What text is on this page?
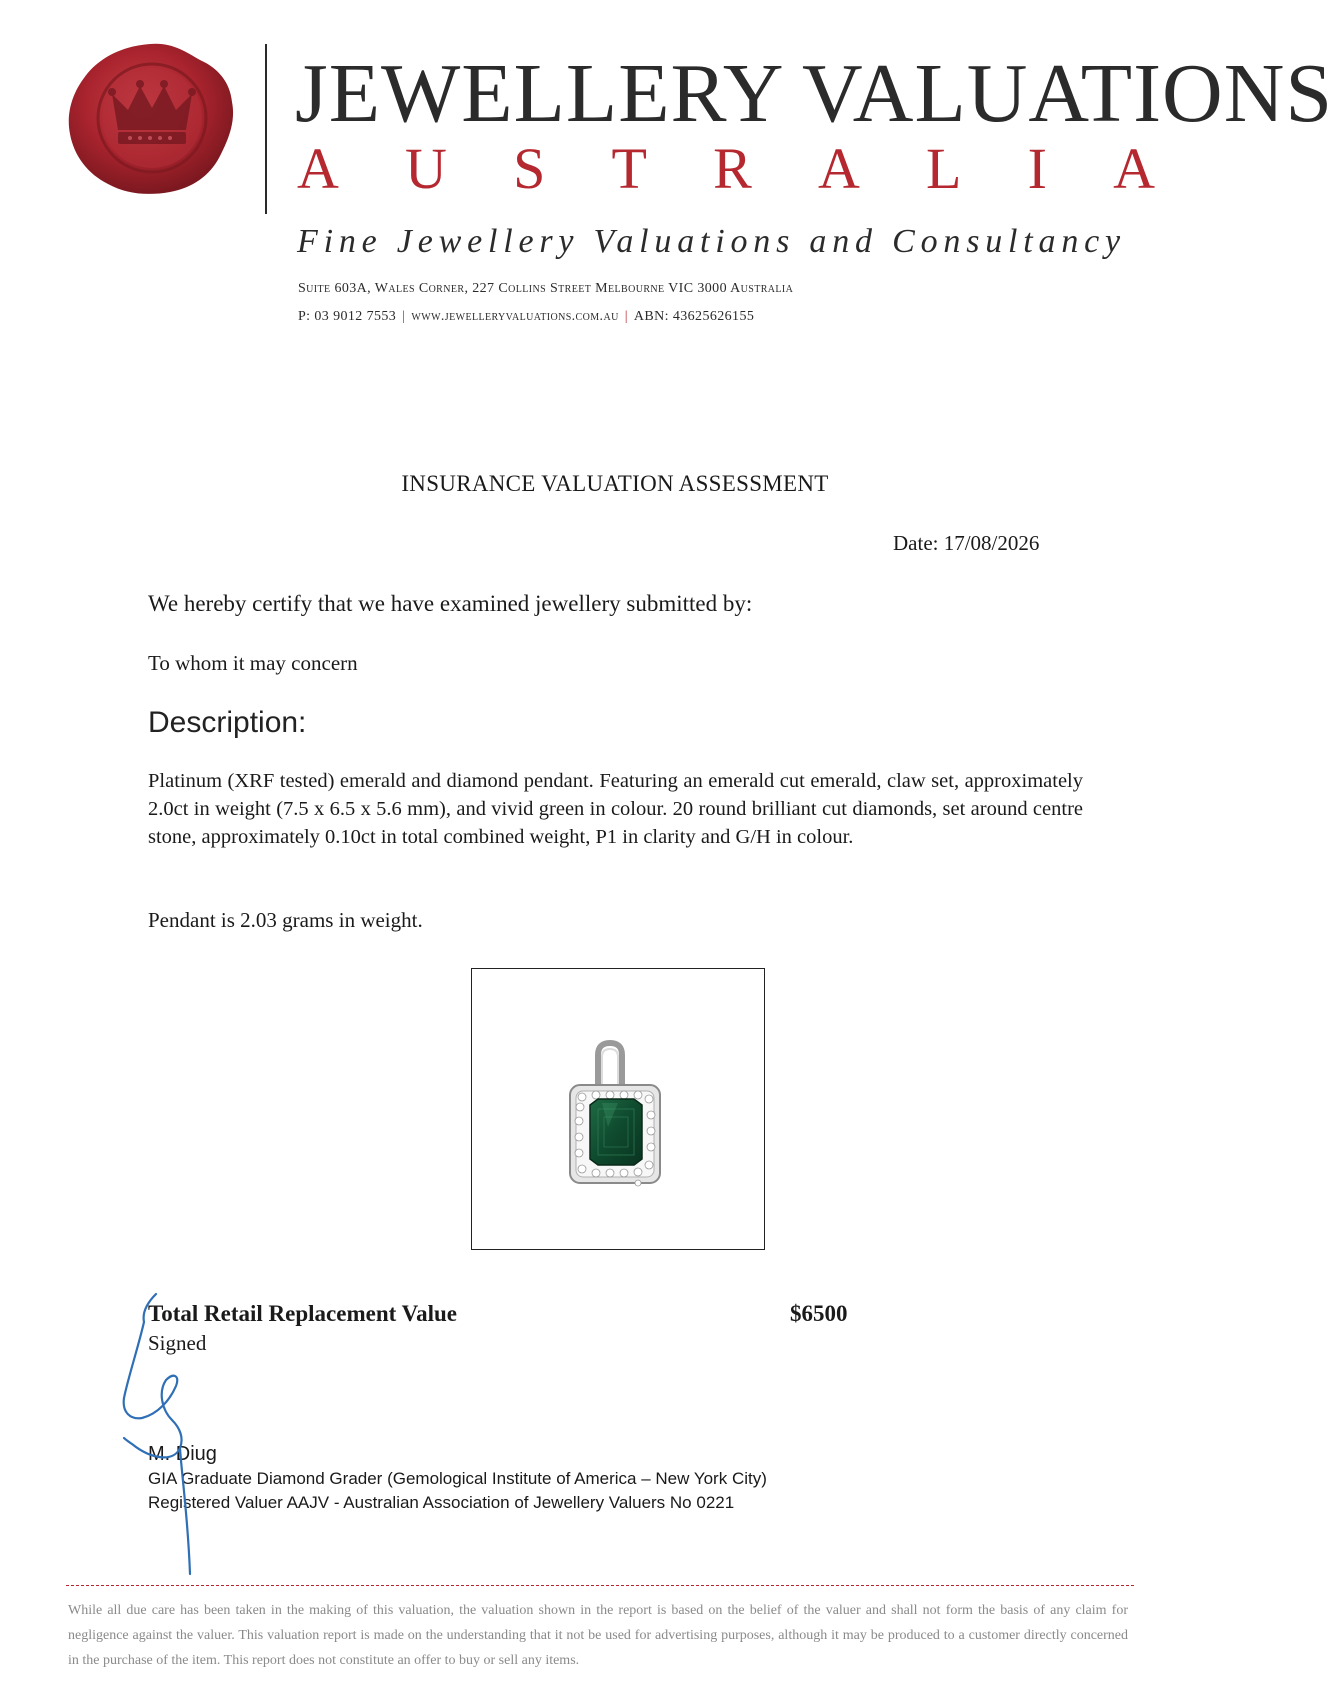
JEWELLERY VALUATIONS
A U S T R A L I A
Fine Jewellery Valuations and Consultancy
Suite 603A, Wales Corner, 227 Collins Street Melbourne VIC 3000 Australia
P: 03 9012 7553 | www.jewelleryvaluations.com.au | ABN: 43625626155
INSURANCE VALUATION ASSESSMENT
Date: 17/08/2026
We hereby certify that we have examined jewellery submitted by:
To whom it may concern
Description:
Platinum (XRF tested) emerald and diamond pendant. Featuring an emerald cut emerald, claw set, approximately 2.0ct in weight (7.5 x 6.5 x 5.6 mm), and vivid green in colour. 20 round brilliant cut diamonds, set around centre stone, approximately 0.10ct in total combined weight, P1 in clarity and G/H in colour.
Pendant is 2.03 grams in weight.
Total Retail Replacement Value	$6500
Signed
M. Diug
GIA Graduate Diamond Grader (Gemological Institute of America – New York City)
Registered Valuer AAJV - Australian Association of Jewellery Valuers No 0221
While all due care has been taken in the making of this valuation, the valuation shown in the report is based on the belief of the valuer and shall not form the basis of any claim for negligence against the valuer. This valuation report is made on the understanding that it not be used for advertising purposes, although it may be produced to a customer directly concerned in the purchase of the item. This report does not constitute an offer to buy or sell any items.
